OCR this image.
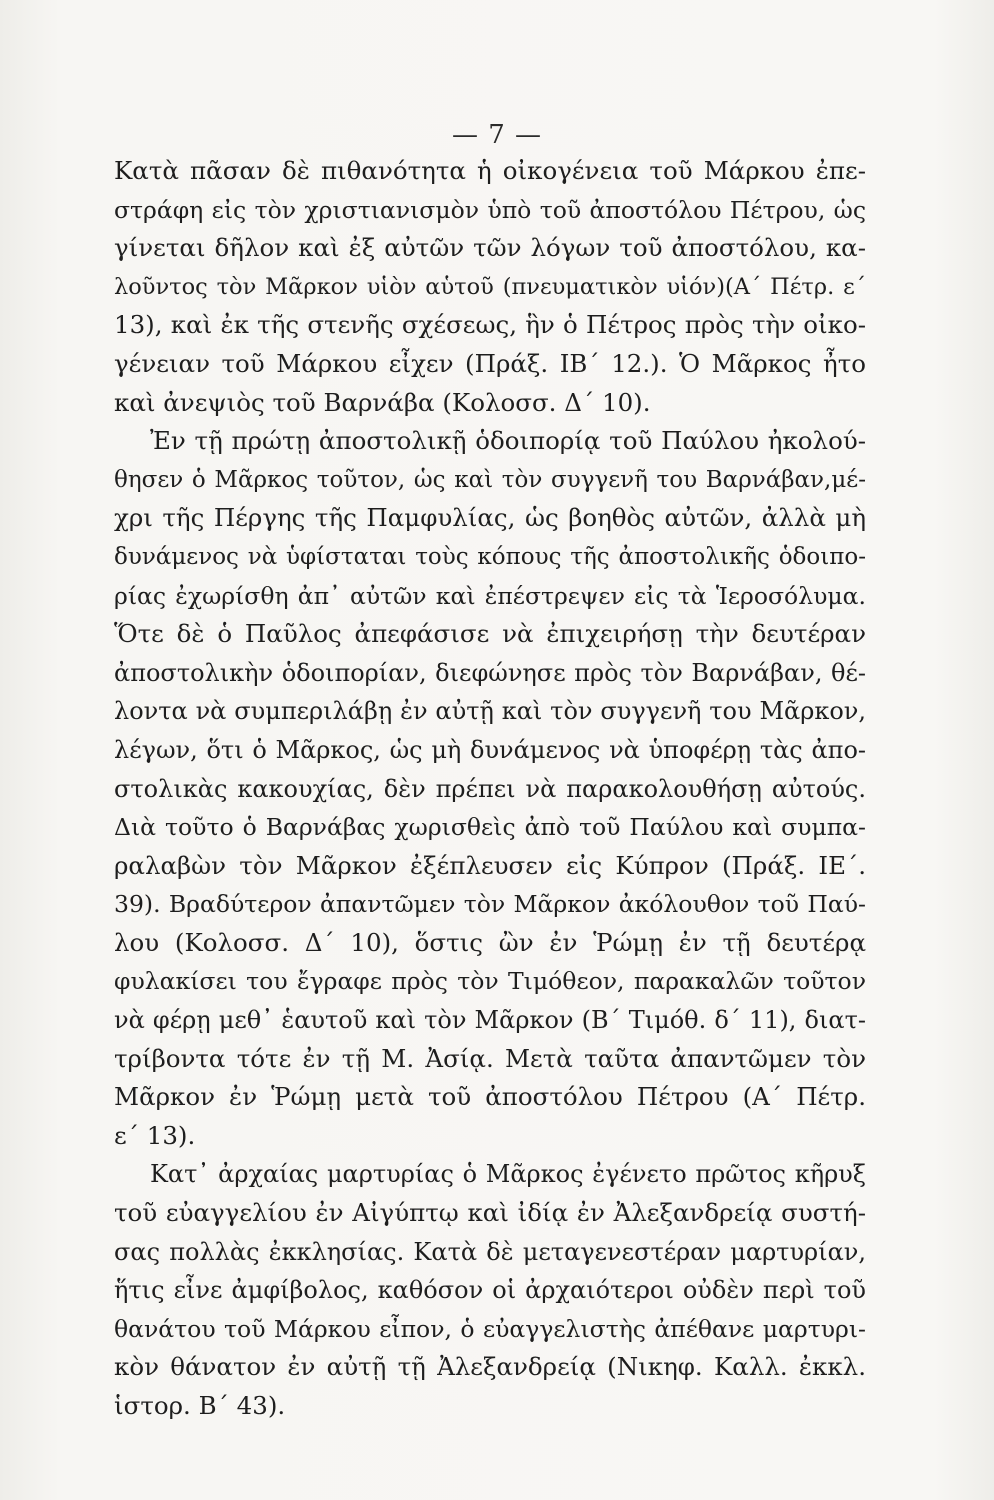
— 7 —
Κατὰ πᾶσαν δὲ πιθανότητα ἡ οἰκογένεια τοῦ Μάρκου ἐπε-
στράφη εἰς τὸν χριστιανισμὸν ὑπὸ τοῦ ἀποστόλου Πέτρου, ὡς
γίνεται δῆλον καὶ ἐξ αὐτῶν τῶν λόγων τοῦ ἀποστόλου, κα-
λοῦντος τὸν Μᾶρκον υἱὸν αὑτοῦ (πνευματικὸν υἱόν)(Α΄ Πέτρ. ε΄
13), καὶ ἐκ τῆς στενῆς σχέσεως, ἣν ὁ Πέτρος πρὸς τὴν οἰκο-
γένειαν τοῦ Μάρκου εἶχεν (Πράξ. ΙΒ΄ 12.). Ὁ Μᾶρκος ἦτο
καὶ ἀνεψιὸς τοῦ Βαρνάβα (Κολοσσ. Δ΄ 10).
Ἐν τῇ πρώτῃ ἀποστολικῇ ὁδοιπορίᾳ τοῦ Παύλου ἠκολού-
θησεν ὁ Μᾶρκος τοῦτον, ὡς καὶ τὸν συγγενῆ του Βαρνάβαν,μέ-
χρι τῆς Πέργης τῆς Παμφυλίας, ὡς βοηθὸς αὐτῶν, ἀλλὰ μὴ
δυνάμενος νὰ ὑφίσταται τοὺς κόπους τῆς ἀποστολικῆς ὁδοιπο-
ρίας ἐχωρίσθη ἀπ᾽ αὐτῶν καὶ ἐπέστρεψεν εἰς τὰ Ἱεροσόλυμα.
Ὅτε δὲ ὁ Παῦλος ἀπεφάσισε νὰ ἐπιχειρήσῃ τὴν δευτέραν
ἀποστολικὴν ὁδοιπορίαν, διεφώνησε πρὸς τὸν Βαρνάβαν, θέ-
λοντα νὰ συμπεριλάβῃ ἐν αὐτῇ καὶ τὸν συγγενῆ του Μᾶρκον,
λέγων, ὅτι ὁ Μᾶρκος, ὡς μὴ δυνάμενος νὰ ὑποφέρῃ τὰς ἀπο-
στολικὰς κακουχίας, δὲν πρέπει νὰ παρακολουθήσῃ αὐτούς.
Διὰ τοῦτο ὁ Βαρνάβας χωρισθεὶς ἀπὸ τοῦ Παύλου καὶ συμπα-
ραλαβὼν τὸν Μᾶρκον ἐξέπλευσεν εἰς Κύπρον (Πράξ. ΙΕ΄.
39). Βραδύτερον ἀπαντῶμεν τὸν Μᾶρκον ἀκόλουθον τοῦ Παύ-
λου (Κολοσσ. Δ΄ 10), ὅστις ὢν ἐν Ῥώμῃ ἐν τῇ δευτέρᾳ
φυλακίσει του ἔγραφε πρὸς τὸν Τιμόθεον, παρακαλῶν τοῦτον
νὰ φέρῃ μεθ᾽ ἑαυτοῦ καὶ τὸν Μᾶρκον (Β΄ Τιμόθ. δ΄ 11), διατ-
τρίβοντα τότε ἐν τῇ Μ. Ἀσίᾳ. Μετὰ ταῦτα ἀπαντῶμεν τὸν
Μᾶρκον ἐν Ῥώμῃ μετὰ τοῦ ἀποστόλου Πέτρου (Α΄ Πέτρ.
ε΄ 13).
Κατ᾽ ἀρχαίας μαρτυρίας ὁ Μᾶρκος ἐγένετο πρῶτος κῆρυξ
τοῦ εὐαγγελίου ἐν Αἰγύπτῳ καὶ ἰδίᾳ ἐν Ἀλεξανδρείᾳ συστή-
σας πολλὰς ἐκκλησίας. Κατὰ δὲ μεταγενεστέραν μαρτυρίαν,
ἥτις εἶνε ἀμφίβολος, καθόσον οἱ ἀρχαιότεροι οὐδὲν περὶ τοῦ
θανάτου τοῦ Μάρκου εἶπον, ὁ εὐαγγελιστὴς ἀπέθανε μαρτυρι-
κὸν θάνατον ἐν αὐτῇ τῇ Ἀλεξανδρείᾳ (Νικηφ. Καλλ. ἐκκλ.
ἱστορ. Β΄ 43).
